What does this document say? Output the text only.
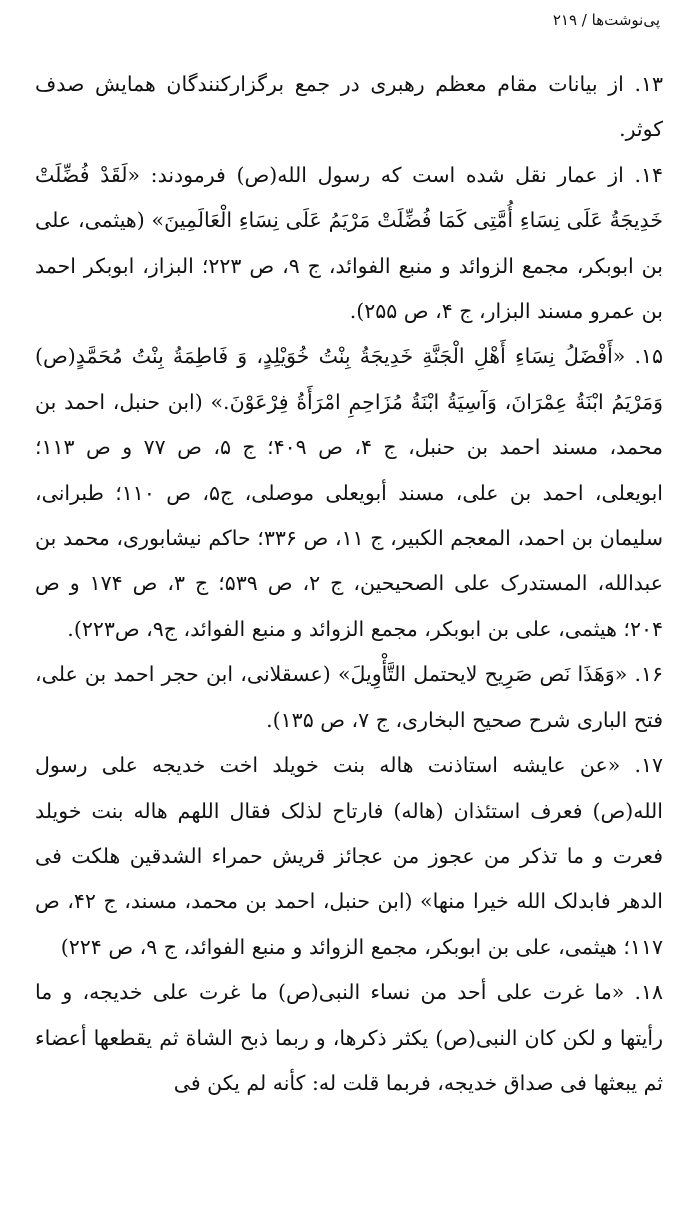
پی‌نوشت‌ها / ۲۱۹

۱۳. از بیانات مقام معظم رهبری در جمع برگزارکنندگان همایش صدف کوثر.

۱۴. از عمار نقل شده است که رسول الله(ص) فرمودند: «لَقَدْ فُضِّلَتْ خَدِیجَةُ عَلَی نِسَاءِ أُمَّتِی کَمَا فُضِّلَتْ مَرْیَمُ عَلَی نِسَاءِ الْعَالَمِینَ» (هیثمی، علی بن ابوبکر، مجمع الزوائد و منبع الفوائد، ج ۹، ص ۲۲۳؛ البزاز، ابوبکر احمد بن عمرو مسند البزار، ج ۴، ص ۲۵۵).

۱۵. «أَفْضَلُ نِسَاءِ أَهْلِ الْجَنَّةِ خَدِیجَةُ بِنْتُ خُوَیْلِدٍ، وَ فَاطِمَةُ بِنْتُ مُحَمَّدٍ(ص) وَمَرْیَمُ ابْنَةُ عِمْرَانَ، وَآسِیَةُ ابْنَةُ مُزَاحِمِ امْرَأَةُ فِرْعَوْنَ.» (ابن حنبل، احمد بن محمد، مسند احمد بن حنبل، ج ۴، ص ۴۰۹؛ ج ۵، ص ۷۷ و ص ۱۱۳؛ ابویعلی، احمد بن علی، مسند أبویعلی موصلی، ج۵، ص ۱۱۰؛ طبرانی، سلیمان بن احمد، المعجم الکبیر، ج ۱۱، ص ۳۳۶؛ حاکم نیشابوری، محمد بن عبدالله، المستدرک علی الصحیحین، ج ۲، ص ۵۳۹؛ ج ۳، ص ۱۷۴ و ص ۲۰۴؛ هیثمی، علی بن ابوبکر، مجمع الزوائد و منبع الفوائد، ج۹، ص۲۲۳).

۱۶. «وَهَذَا نَص صَرِیح لایحتمل التَّأْوِیلَ» (عسقلانی، ابن حجر احمد بن علی، فتح الباری شرح صحیح البخاری، ج ۷، ص ۱۳۵).

۱۷. «عن عایشه استاذنت هاله بنت خویلد اخت خدیجه علی رسول الله(ص) فعرف استئذان (هاله) فارتاح لذلک فقال اللهم هاله بنت خویلد فعرت و ما تذکر من عجوز من عجائز قریش حمراء الشدقین هلکت فی الدهر فابدلک الله خیرا منها» (ابن حنبل، احمد بن محمد، مسند، ج ۴۲، ص ۱۱۷؛ هیثمی، علی بن ابوبکر، مجمع الزوائد و منبع الفوائد، ج ۹، ص ۲۲۴)

۱۸. «ما غرت علی أحد من نساء النبی(ص) ما غرت علی خدیجه، و ما رأیتها و لکن کان النبی(ص) یکثر ذکرها، و ربما ذبح الشاة ثم یقطعها أعضاء ثم یبعثها فی صداق خدیجه، فربما قلت له: کأنه لم یکن فی
